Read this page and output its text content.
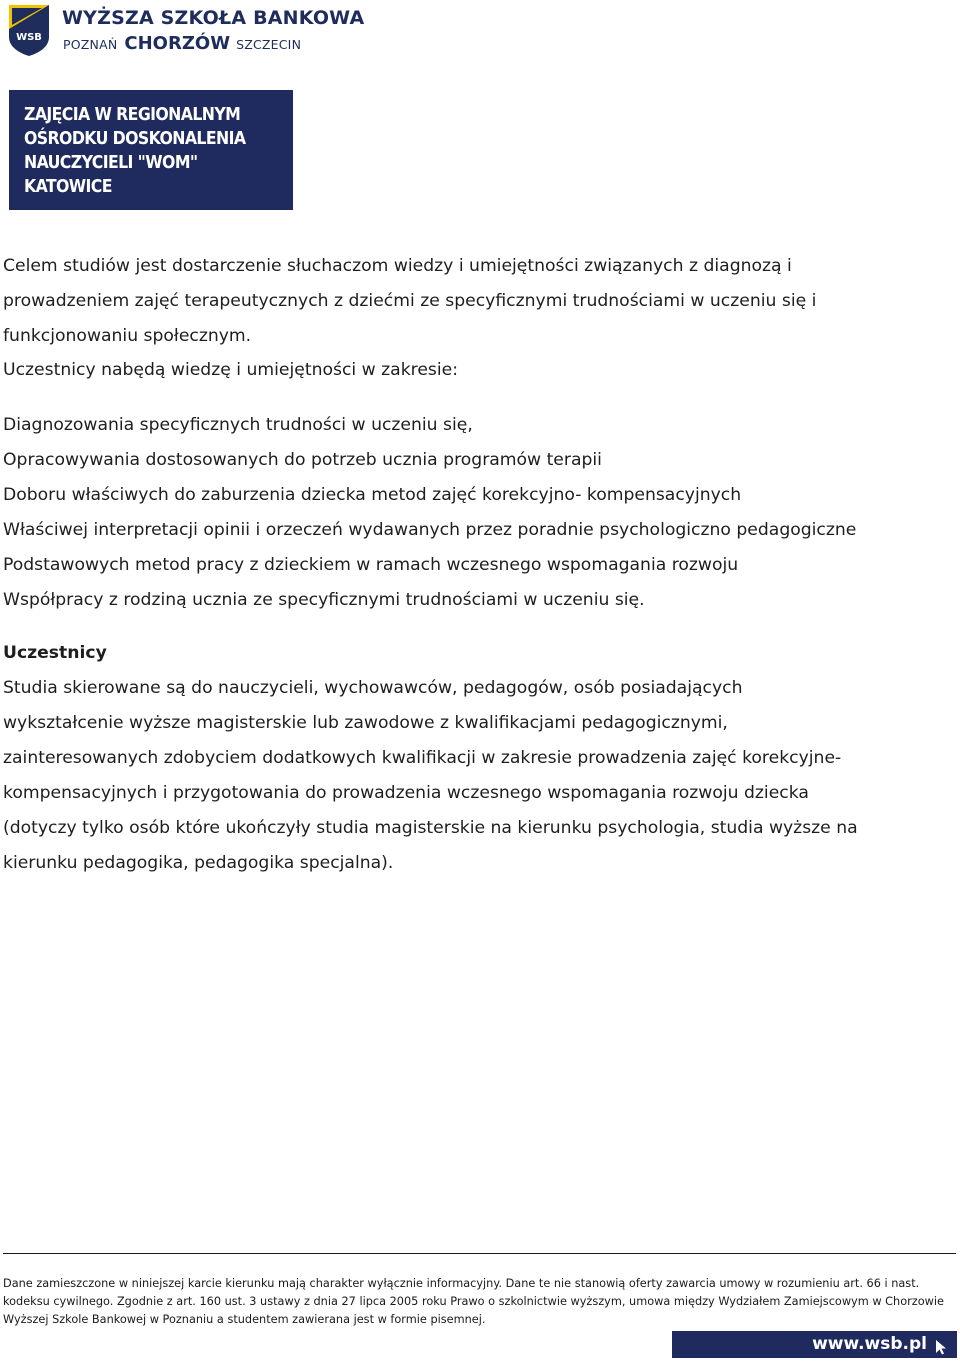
WSB
WYŻSZA SZKOŁA BANKOWA
POZNAŃ CHORZÓW SZCZECIN
ZAJĘCIA W REGIONALNYM
OŚRODKU DOSKONALENIA
NAUCZYCIELI "WOM"
KATOWICE
Celem studiów jest dostarczenie słuchaczom wiedzy i umiejętności związanych z diagnozą i
prowadzeniem zajęć terapeutycznych z dziećmi ze specyficznymi trudnościami w uczeniu się i
funkcjonowaniu społecznym.
Uczestnicy nabędą wiedzę i umiejętności w zakresie:
Diagnozowania specyficznych trudności w uczeniu się,
Opracowywania dostosowanych do potrzeb ucznia programów terapii
Doboru właściwych do zaburzenia dziecka metod zajęć korekcyjno- kompensacyjnych
Właściwej interpretacji opinii i orzeczeń wydawanych przez poradnie psychologiczno pedagogiczne
Podstawowych metod pracy z dzieckiem w ramach wczesnego wspomagania rozwoju
Współpracy z rodziną ucznia ze specyficznymi trudnościami w uczeniu się.
Uczestnicy
Studia skierowane są do nauczycieli, wychowawców, pedagogów, osób posiadających
wykształcenie wyższe magisterskie lub zawodowe z kwalifikacjami pedagogicznymi,
zainteresowanych zdobyciem dodatkowych kwalifikacji w zakresie prowadzenia zajęć korekcyjne-
kompensacyjnych i przygotowania do prowadzenia wczesnego wspomagania rozwoju dziecka
(dotyczy tylko osób które ukończyły studia magisterskie na kierunku psychologia, studia wyższe na
kierunku pedagogika, pedagogika specjalna).
Dane zamieszczone w niniejszej karcie kierunku mają charakter wyłącznie informacyjny. Dane te nie stanowią oferty zawarcia umowy w rozumieniu art. 66 i nast.
kodeksu cywilnego. Zgodnie z art. 160 ust. 3 ustawy z dnia 27 lipca 2005 roku Prawo o szkolnictwie wyższym, umowa między Wydziałem Zamiejscowym w Chorzowie
Wyższej Szkole Bankowej w Poznaniu a studentem zawierana jest w formie pisemnej.
www.wsb.pl
